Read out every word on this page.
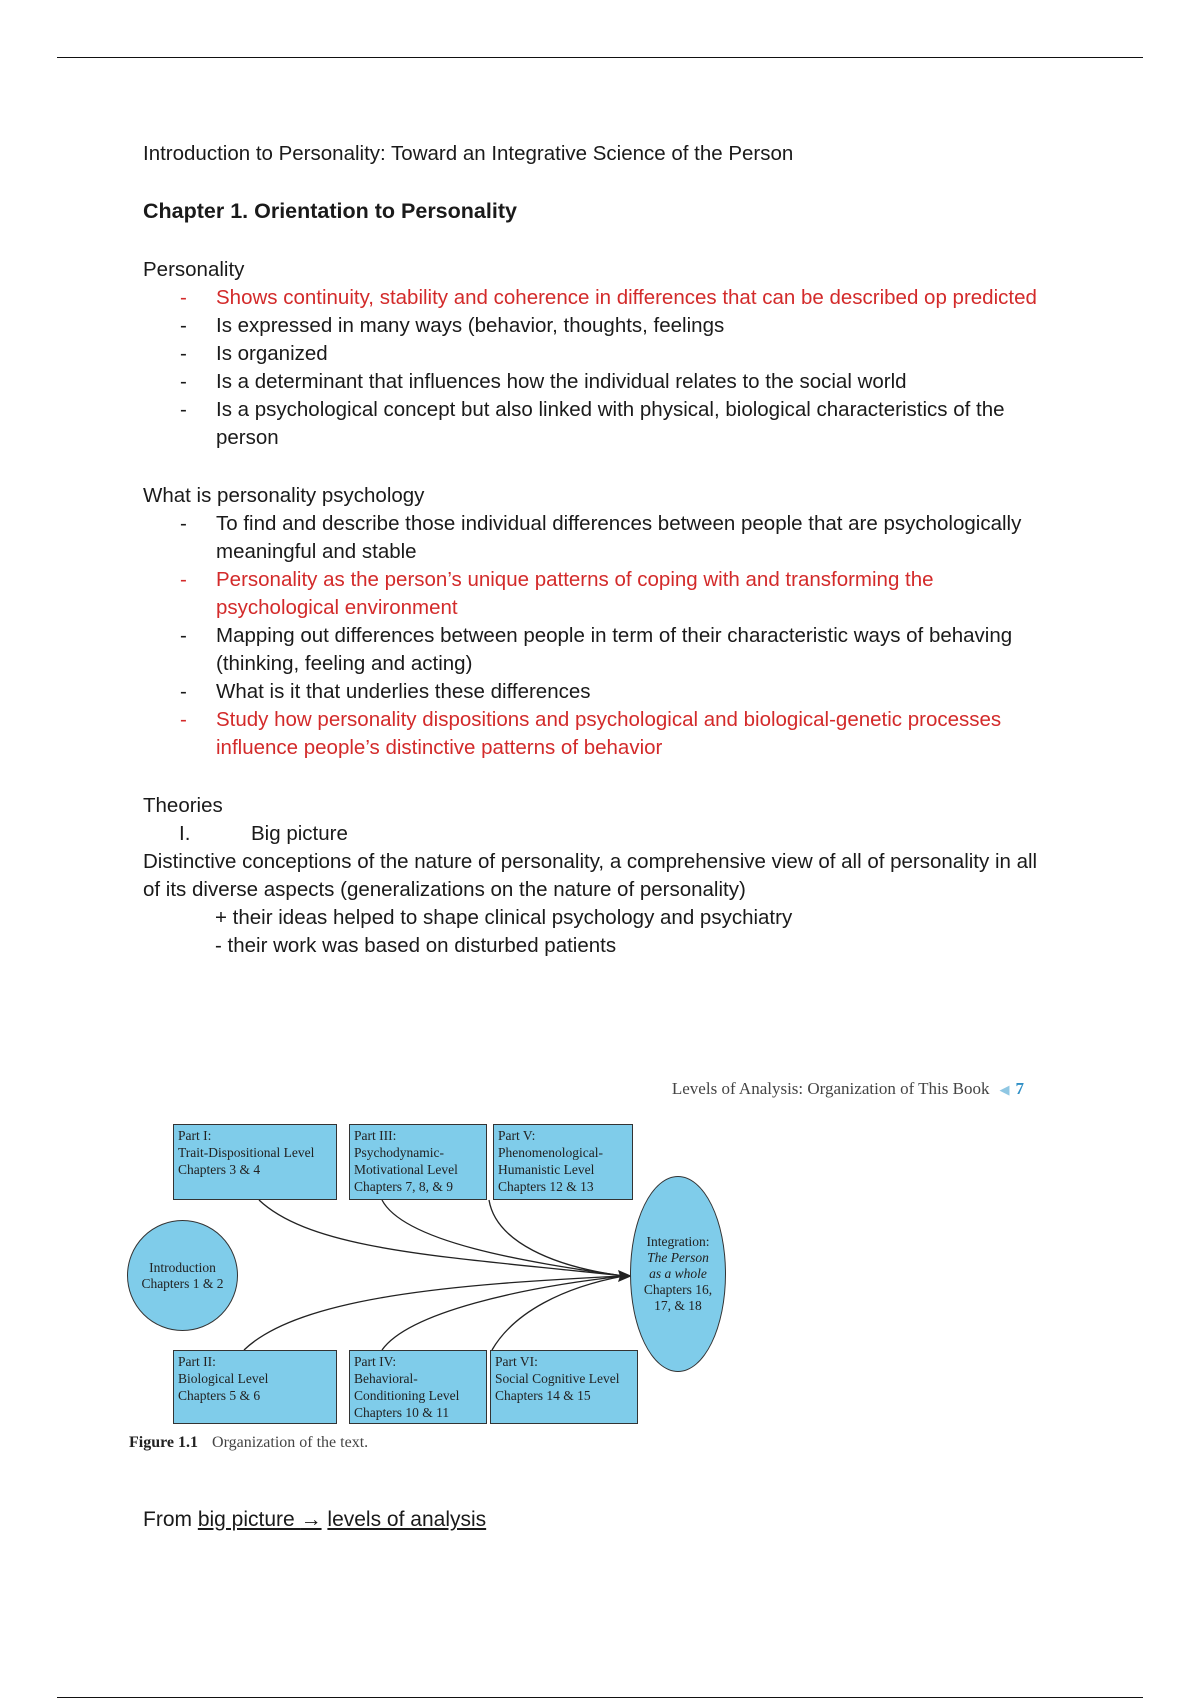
Introduction to Personality: Toward an Integrative Science of the Person
Chapter 1. Orientation to Personality
Personality
- Shows continuity, stability and coherence in differences that can be described op predicted
- Is expressed in many ways (behavior, thoughts, feelings
- Is organized
- Is a determinant that influences how the individual relates to the social world
- Is a psychological concept but also linked with physical, biological characteristics of the person
What is personality psychology
- To find and describe those individual differences between people that are psychologically meaningful and stable
- Personality as the person’s unique patterns of coping with and transforming the psychological environment
- Mapping out differences between people in term of their characteristic ways of behaving (thinking, feeling and acting)
- What is it that underlies these differences
- Study how personality dispositions and psychological and biological-genetic processes influence people’s distinctive patterns of behavior
Theories
I.	Big picture
Distinctive conceptions of the nature of personality, a comprehensive view of all of personality in all of its diverse aspects (generalizations on the nature of personality)
+ their ideas helped to shape clinical psychology and psychiatry
- their work was based on disturbed patients
Levels of Analysis: Organization of This Book ◀ 7
Part I:
Trait-Dispositional Level
Chapters 3 & 4
Part III:
Psychodynamic-
Motivational Level
Chapters 7, 8, & 9
Part V:
Phenomenological-
Humanistic Level
Chapters 12 & 13
Introduction
Chapters 1 & 2
Integration:
The Person
as a whole
Chapters 16,
17, & 18
Part II:
Biological Level
Chapters 5 & 6
Part IV:
Behavioral-
Conditioning Level
Chapters 10 & 11
Part VI:
Social Cognitive Level
Chapters 14 & 15
Figure 1.1 Organization of the text.
From big picture → levels of analysis
